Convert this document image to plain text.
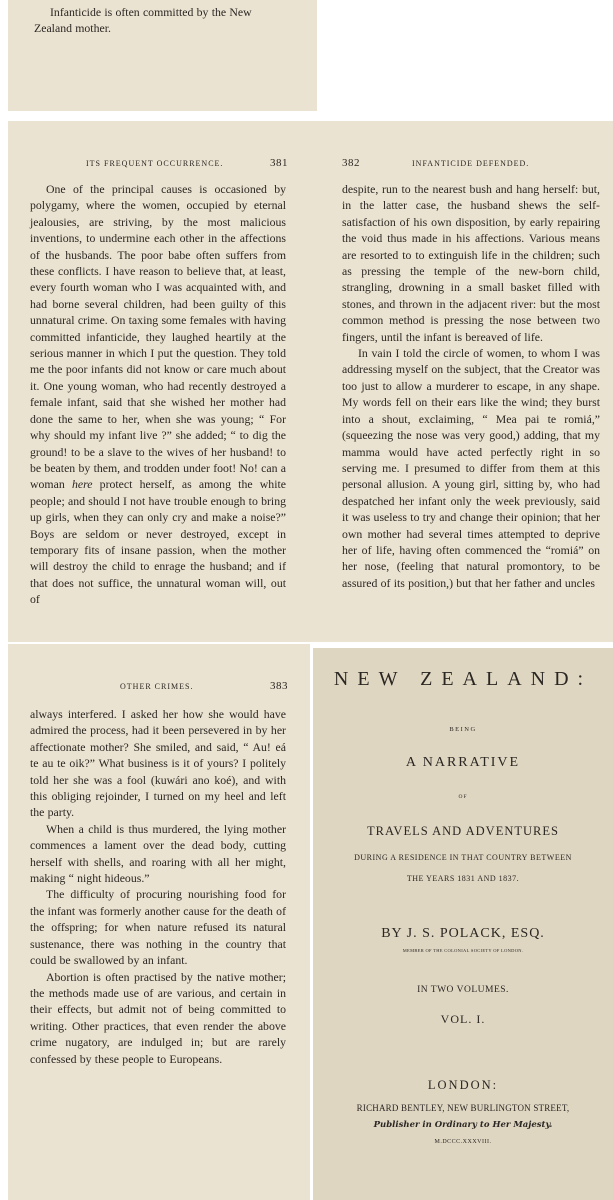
Infanticide is often committed by the New
Zealand mother.
ITS FREQUENT OCCURRENCE.	381

One of the principal causes is occasioned by polygamy, where the women, occupied by eternal jealousies, are striving, by the most malicious inventions, to undermine each other in the affections of the husbands. The poor babe often suffers from these conflicts. I have reason to believe that, at least, every fourth woman who I was acquainted with, and had borne several children, had been guilty of this unnatural crime. On taxing some females with having committed infanticide, they laughed heartily at the serious manner in which I put the question. They told me the poor infants did not know or care much about it. One young woman, who had recently destroyed a female infant, said that she wished her mother had done the same to her, when she was young; “ For why should my infant live ?” she added; “ to dig the ground! to be a slave to the wives of her husband! to be beaten by them, and trodden under foot! No! can a woman here protect herself, as among the white people; and should I not have trouble enough to bring up girls, when they can only cry and make a noise?” Boys are seldom or never destroyed, except in temporary fits of insane passion, when the mother will destroy the child to enrage the husband; and if that does not suffice, the unnatural woman will, out of

382	INFANTICIDE DEFENDED.

despite, run to the nearest bush and hang herself: but, in the latter case, the husband shews the self-satisfaction of his own disposition, by early repairing the void thus made in his affections. Various means are resorted to to extinguish life in the children; such as pressing the temple of the new-born child, strangling, drowning in a small basket filled with stones, and thrown in the adjacent river: but the most common method is pressing the nose between two fingers, until the infant is bereaved of life.

In vain I told the circle of women, to whom I was addressing myself on the subject, that the Creator was too just to allow a murderer to escape, in any shape. My words fell on their ears like the wind; they burst into a shout, exclaiming, “ Mea pai te romiá,” (squeezing the nose was very good,) adding, that my mamma would have acted perfectly right in so serving me. I presumed to differ from them at this personal allusion. A young girl, sitting by, who had despatched her infant only the week previously, said it was useless to try and change their opinion; that her own mother had several times attempted to deprive her of life, having often commenced the “romiá” on her nose, (feeling that natural promontory, to be assured of its position,) but that her father and uncles

OTHER CRIMES.	383

always interfered. I asked her how she would have admired the process, had it been persevered in by her affectionate mother? She smiled, and said, “ Au! eá te au te oik?” What business is it of yours? I politely told her she was a fool (kuwári ano koé), and with this obliging rejoinder, I turned on my heel and left the party.

When a child is thus murdered, the lying mother commences a lament over the dead body, cutting herself with shells, and roaring with all her might, making “ night hideous.”

The difficulty of procuring nourishing food for the infant was formerly another cause for the death of the offspring; for when nature refused its natural sustenance, there was nothing in the country that could be swallowed by an infant.

Abortion is often practised by the native mother; the methods made use of are various, and certain in their effects, but admit not of being committed to writing. Other practices, that even render the above crime nugatory, are indulged in; but are rarely confessed by these people to Europeans.

NEW ZEALAND:
BEING
A NARRATIVE
OF
TRAVELS AND ADVENTURES
DURING A RESIDENCE IN THAT COUNTRY BETWEEN
THE YEARS 1831 AND 1837.
BY J. S. POLACK, ESQ.
MEMBER OF THE COLONIAL SOCIETY OF LONDON.
IN TWO VOLUMES.
VOL. I.
LONDON:
RICHARD BENTLEY, NEW BURLINGTON STREET,
Publisher in Ordinary to Her Majesty.
M.DCCC.XXXVIII.
